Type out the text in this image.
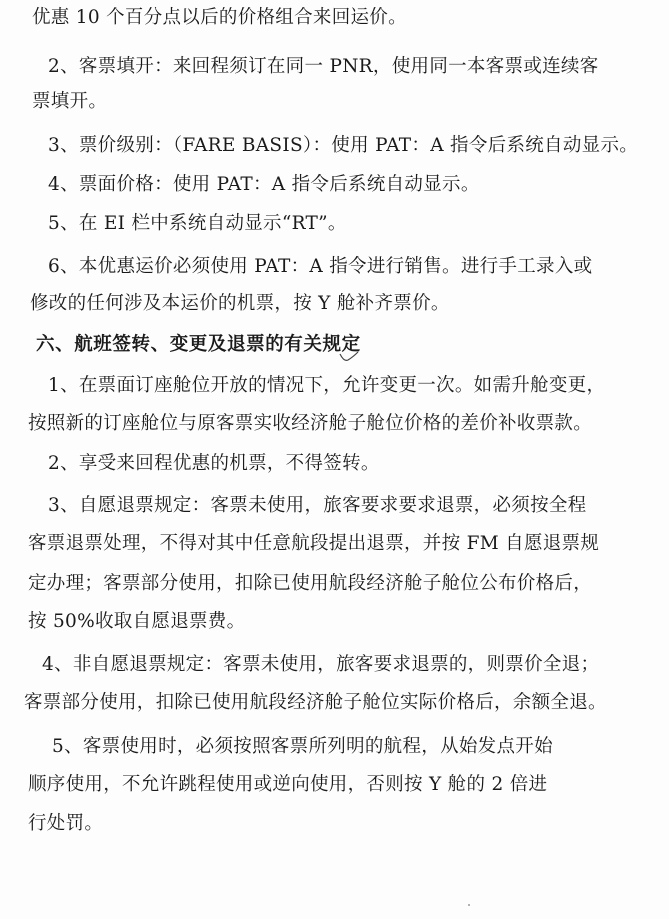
优惠 10 个百分点以后的价格组合来回运价。
2、客票填开：来回程须订在同一 PNR，使用同一本客票或连续客
票填开。
3、票价级别：（FARE BASIS）：使用 PAT：A 指令后系统自动显示。
4、票面价格：使用 PAT：A 指令后系统自动显示。
5、在 EI 栏中系统自动显示“RT”。
6、本优惠运价必须使用 PAT：A 指令进行销售。进行手工录入或
修改的任何涉及本运价的机票，按 Y 舱补齐票价。
六、航班签转、变更及退票的有关规定
1、在票面订座舱位开放的情况下，允许变更一次。如需升舱变更，
按照新的订座舱位与原客票实收经济舱子舱位价格的差价补收票款。
2、享受来回程优惠的机票，不得签转。
3、自愿退票规定：客票未使用，旅客要求要求退票，必须按全程
客票退票处理，不得对其中任意航段提出退票，并按 FM 自愿退票规
定办理；客票部分使用，扣除已使用航段经济舱子舱位公布价格后，
按 50%收取自愿退票费。
4、非自愿退票规定：客票未使用，旅客要求退票的，则票价全退；
客票部分使用，扣除已使用航段经济舱子舱位实际价格后，余额全退。
5、客票使用时，必须按照客票所列明的航程，从始发点开始
顺序使用，不允许跳程使用或逆向使用，否则按 Y 舱的 2 倍进
行处罚。
